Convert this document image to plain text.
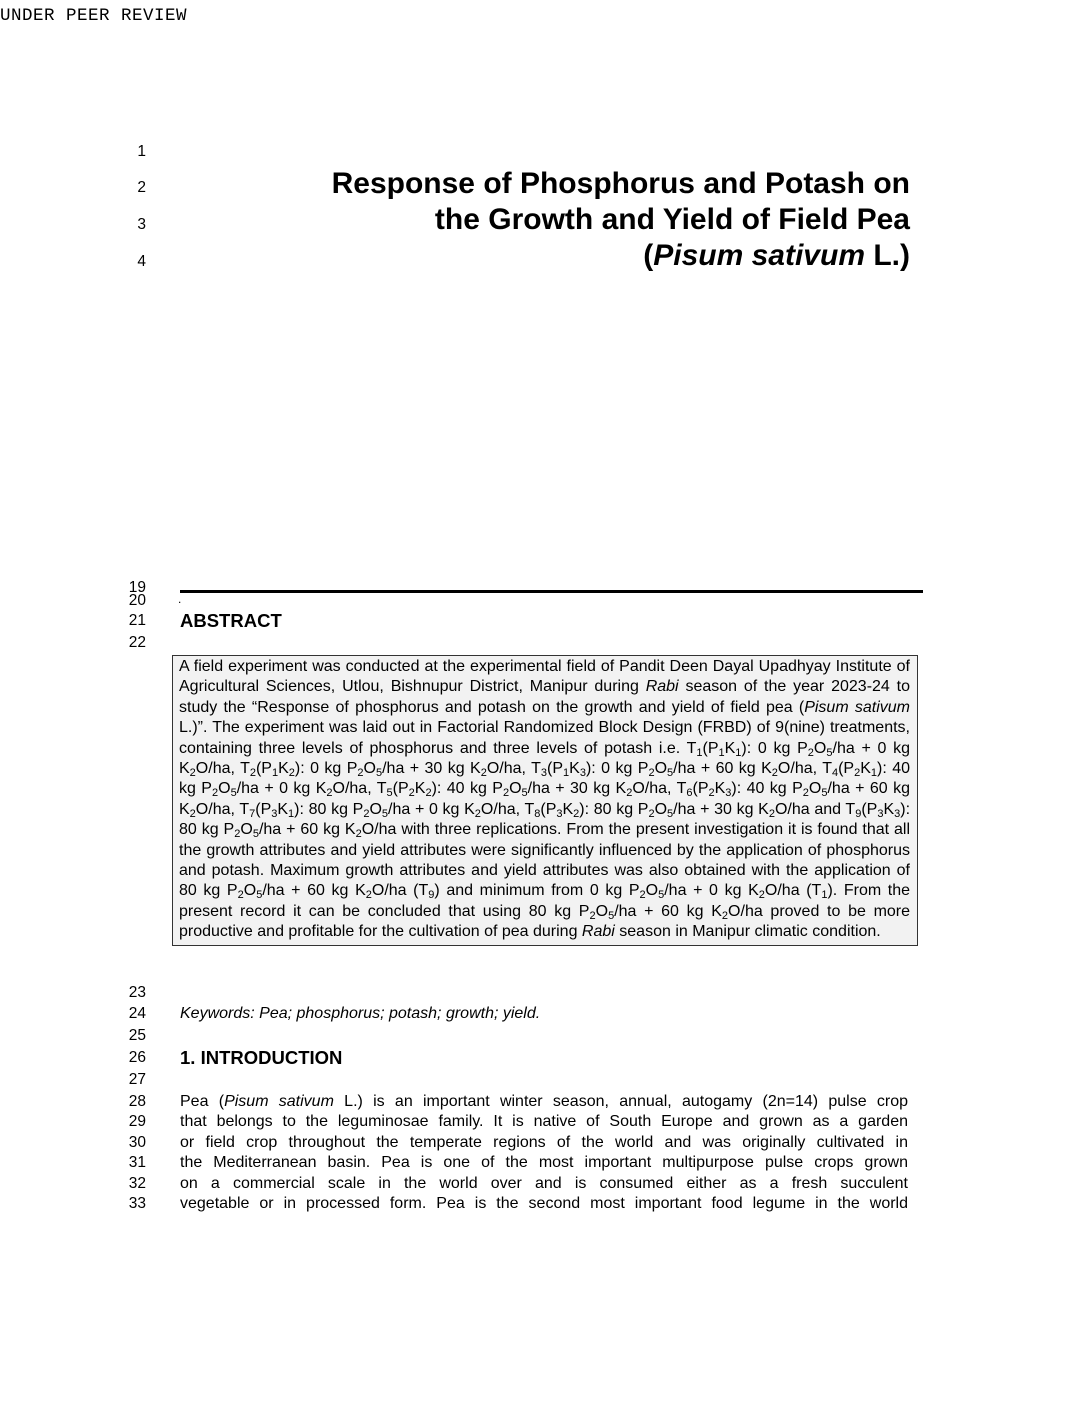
UNDER PEER REVIEW
1
2
3
4
19
20
21
22
23
24
25
26
27
28
29
30
31
32
33
Response of Phosphorus and Potash on
the Growth and Yield of Field Pea
(Pisum sativum L.)
.
ABSTRACT
A field experiment was conducted at the experimental field of Pandit Deen Dayal Upadhyay Institute of Agricultural Sciences, Utlou, Bishnupur District, Manipur during Rabi season of the year 2023-24 to study the “Response of phosphorus and potash on the growth and yield of field pea (Pisum sativum L.)”. The experiment was laid out in Factorial Randomized Block Design (FRBD) of 9(nine) treatments, containing three levels of phosphorus and three levels of potash i.e. $T_1(P_1K_1)$: 0 kg $P_2O_5/ha + 0$ kg $K_2O/ha$, $T_2(P_1K_2)$: 0 kg $P_2O_5/ha + 30$ kg $K_2O/ha$, $T_3(P_1K_3)$: 0 kg $P_2O_5/ha + 60$ kg $K_2O/ha$, $T_4(P_2K_1)$: 40 kg $P_2O_5/ha + 0$ kg $K_2O/ha$, $T_5(P_2K_2)$: 40 kg $P_2O_5/ha + 30$ kg $K_2O/ha$, $T_6(P_2K_3)$: 40 kg $P_2O_5/ha + 60$ kg $K_2O/ha$, $T_7(P_3K_1)$: 80 kg $P_2O_5/ha + 0$ kg $K_2O/ha$, $T_8(P_3K_2)$: 80 kg $P_2O_5/ha + 30$ kg $K_2O/ha$ and $T_9(P_3K_3)$: 80 kg $P_2O_5/ha + 60$ kg $K_2O/ha$ with three replications. From the present investigation it is found that all the growth attributes and yield attributes were significantly influenced by the application of phosphorus and potash. Maximum growth attributes and yield attributes was also obtained with the application of 80 kg $P_2O_5/ha + 60$ kg $K_2O/ha$ $(T_9)$ and minimum from 0 kg $P_2O_5/ha + 0$ kg $K_2O/ha$ $(T_1)$. From the present record it can be concluded that using 80 kg $P_2O_5/ha + 60$ kg $K_2O/ha$ proved to be more productive and profitable for the cultivation of pea during Rabi season in Manipur climatic condition.
Keywords: Pea; phosphorus; potash; growth; yield.
1. INTRODUCTION
Pea (Pisum sativum L.) is an important winter season, annual, autogamy (2n=14) pulse crop
that belongs to the leguminosae family. It is native of South Europe and grown as a garden
or field crop throughout the temperate regions of the world and was originally cultivated in
the Mediterranean basin. Pea is one of the most important multipurpose pulse crops grown
on a commercial scale in the world over and is consumed either as a fresh succulent
vegetable or in processed form. Pea is the second most important food legume in the world
